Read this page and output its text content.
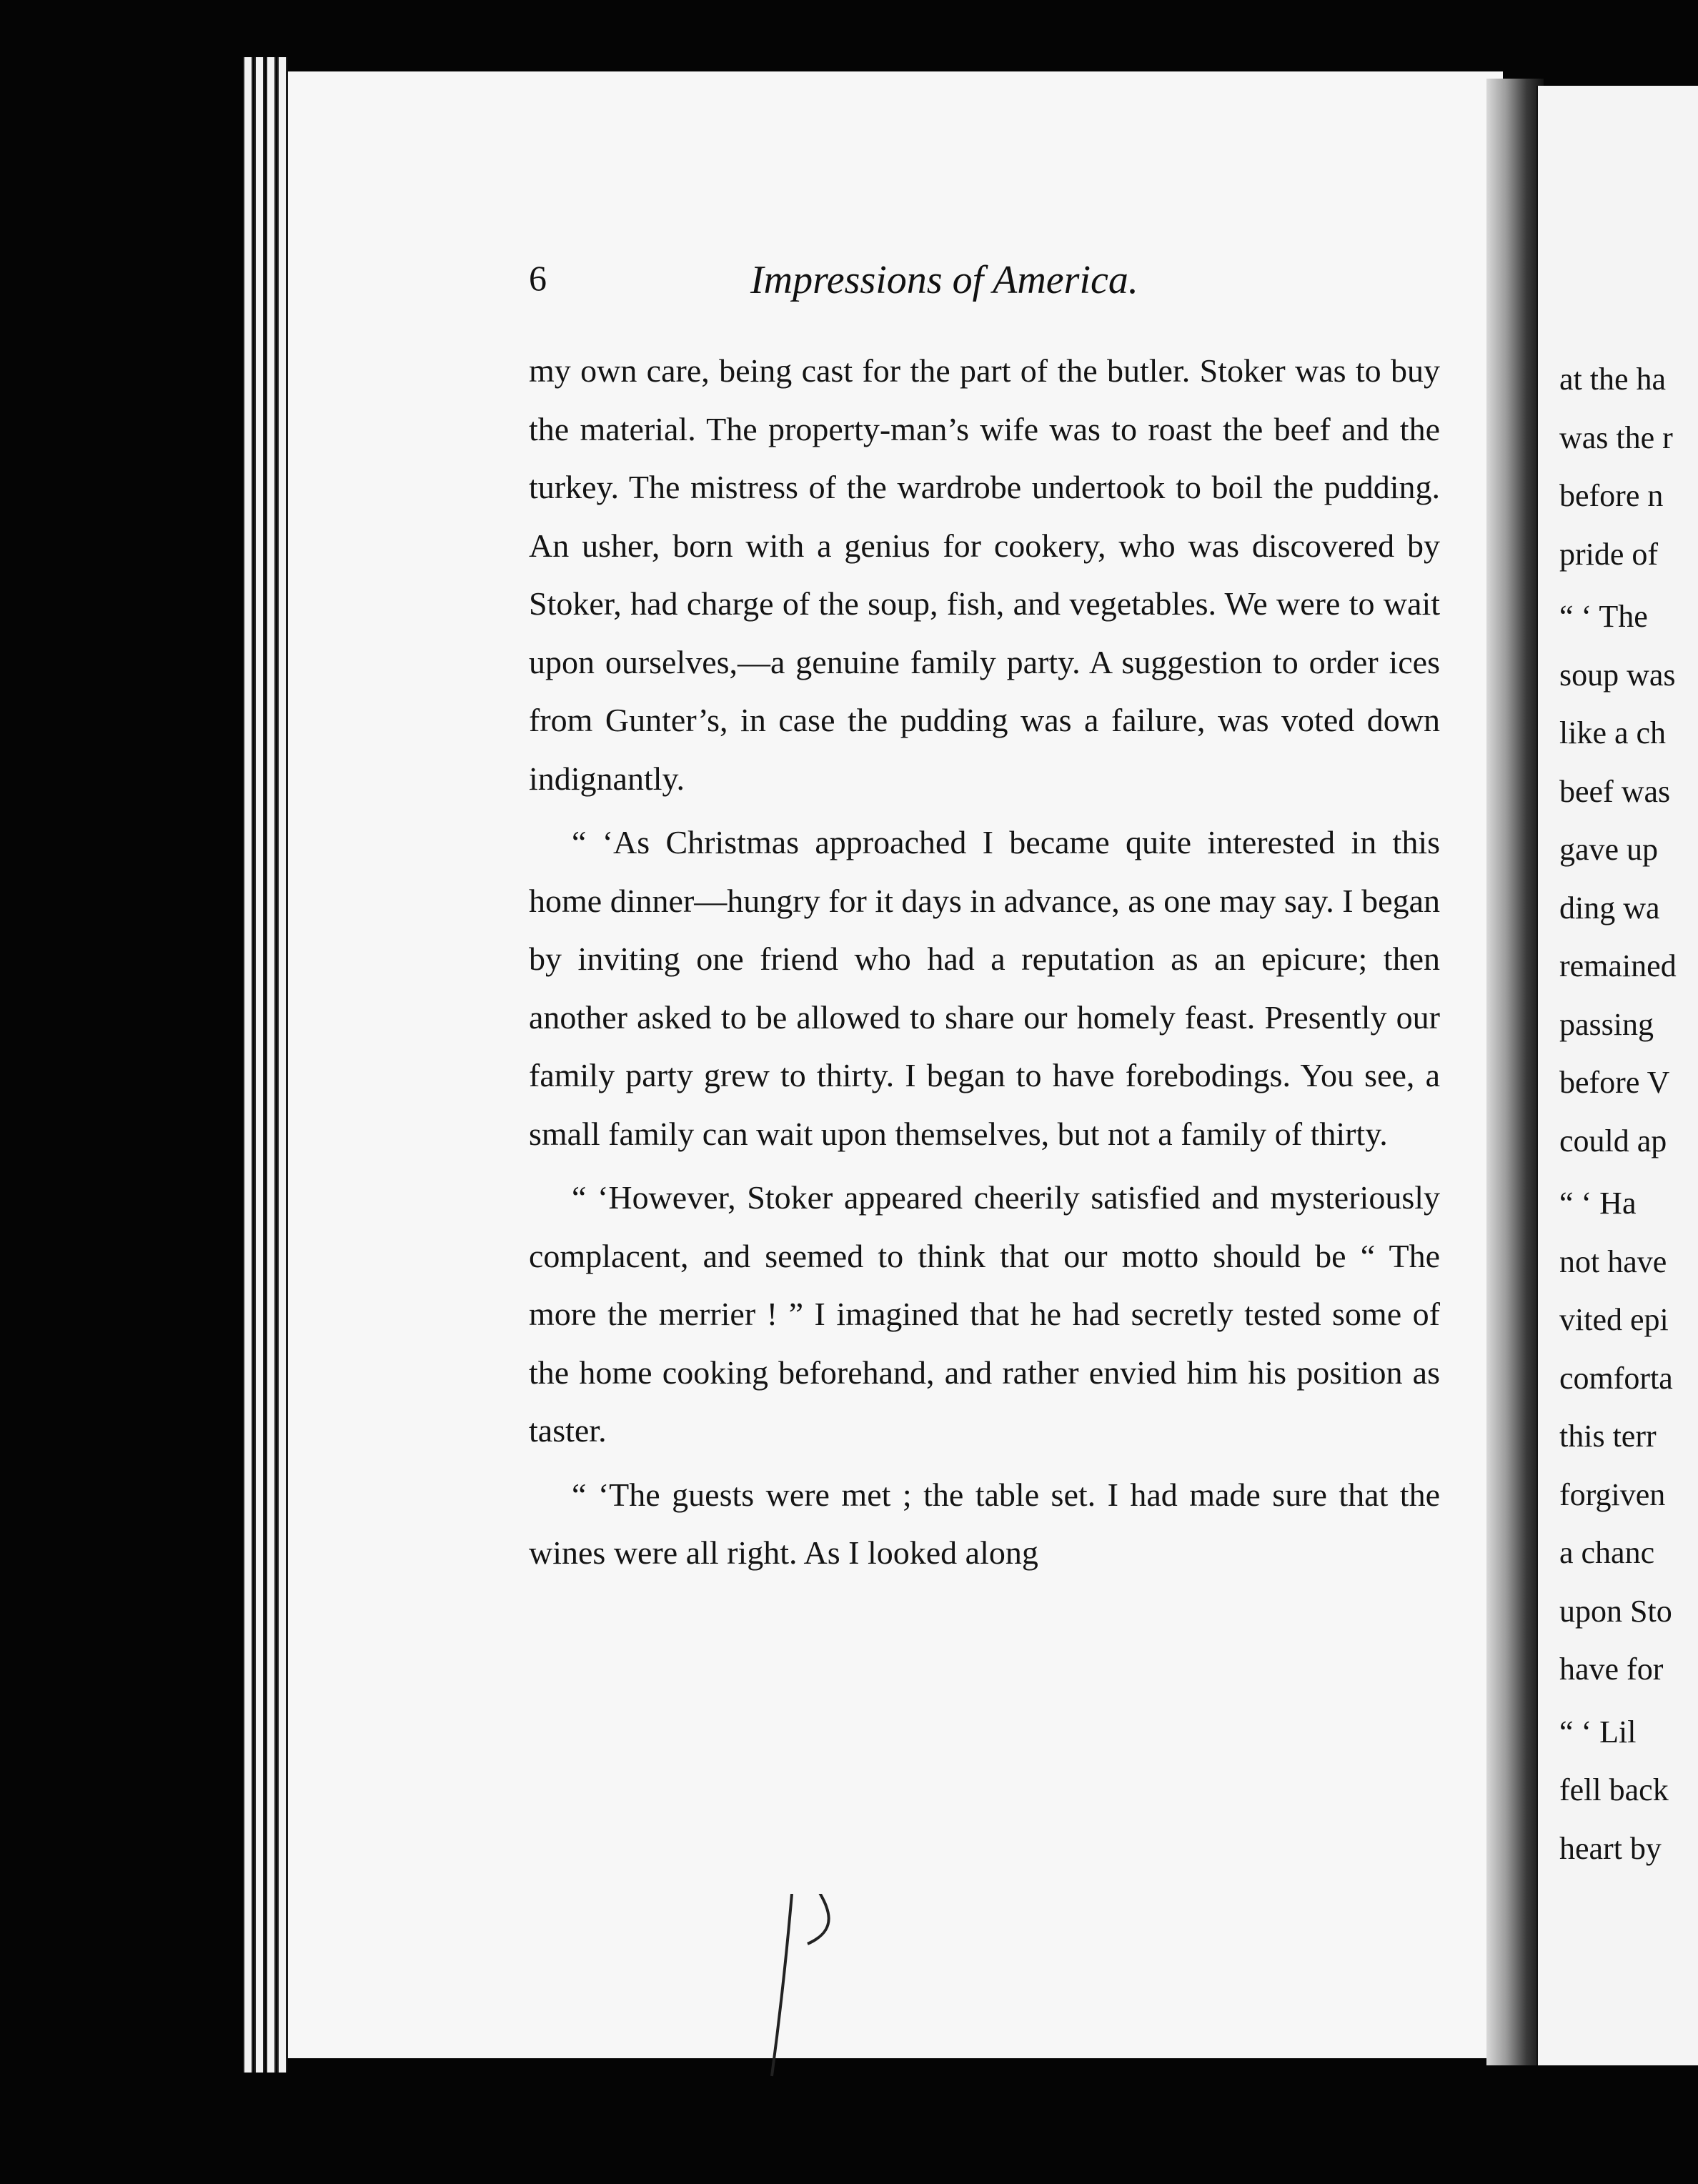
6	Impressions of America.

my own care, being cast for the part of the butler. Stoker was to buy the material. The property-man’s wife was to roast the beef and the turkey. The mistress of the wardrobe undertook to boil the pudding. An usher, born with a genius for cookery, who was discovered by Stoker, had charge of the soup, fish, and vegetables. We were to wait upon ourselves,—a genuine family party. A suggestion to order ices from Gunter’s, in case the pudding was a failure, was voted down indignantly.

“ ‘As Christmas approached I became quite interested in this home dinner—hungry for it days in advance, as one may say. I began by inviting one friend who had a reputation as an epicure; then another asked to be allowed to share our homely feast. Presently our family party grew to thirty. I began to have forebodings. You see, a small family can wait upon themselves, but not a family of thirty.

“ ‘However, Stoker appeared cheerily satisfied and mysteriously complacent, and seemed to think that our motto should be “ The more the merrier ! ” I imagined that he had secretly tested some of the home cooking beforehand, and rather envied him his position as taster.

“ ‘The guests were met ; the table set. I had made sure that the wines were all right. As I looked along

at the ha
was the r
before n
pride of
“ ‘ The
soup was
like a ch
beef was
gave up
ding wa
remained
passing
before V
could ap
“ ‘ Ha
not have
vited epi
comforta
this terr
forgiven
a chanc
upon Sto
have for
“ ‘ Lil
fell back
heart by
